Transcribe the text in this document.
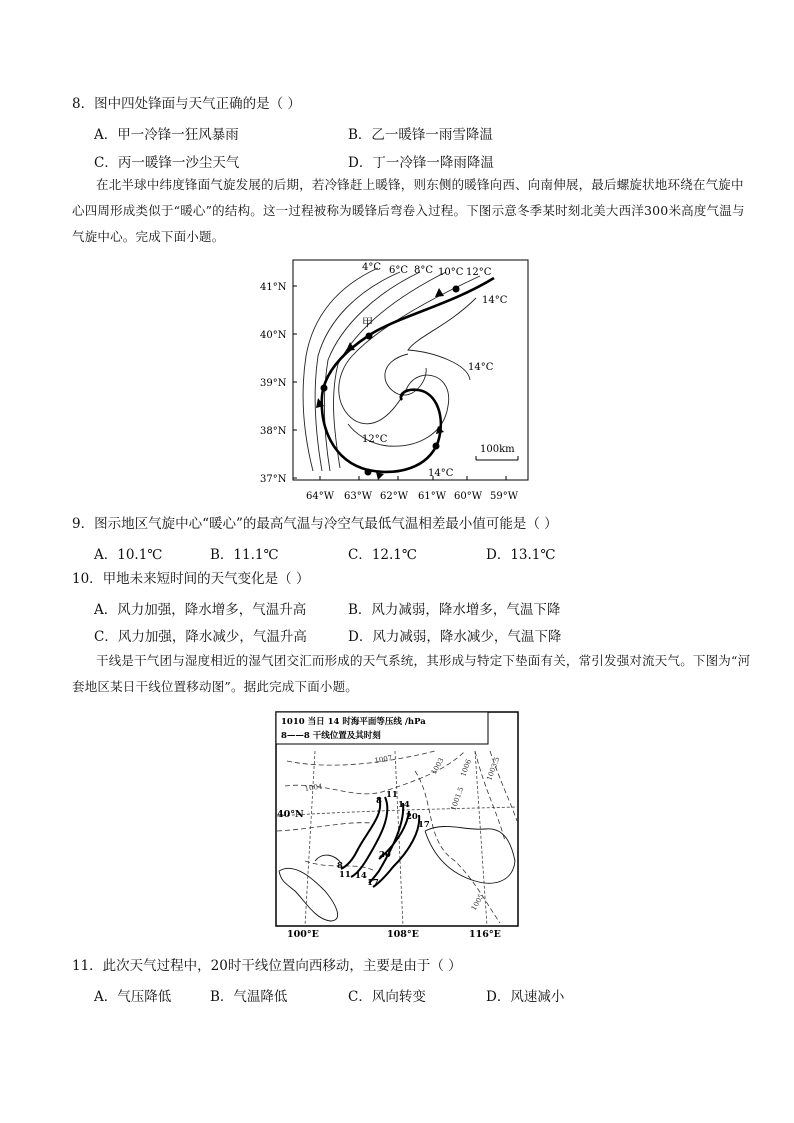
8．图中四处锋面与天气正确的是（ ）
A．甲一冷锋一狂风暴雨	B．乙一暖锋一雨雪降温
C．丙一暖锋一沙尘天气	D．丁一冷锋一降雨降温
在北半球中纬度锋面气旋发展的后期，若冷锋赶上暖锋，则东侧的暖锋向西、向南伸展，最后螺旋状地环绕在气旋中心四周形成类似于“暖心”的结构。这一过程被称为暖锋后弯卷入过程。下图示意冬季某时刻北美大西洋300米高度气温与气旋中心。完成下面小题。
41°N
40°N
39°N
38°N
37°N
64°W 63°W 62°W 61°W 60°W 59°W
4°C 6°C 8°C 10°C 12°C
14°C
14°C
12°C
14°C
甲
100km
9．图示地区气旋中心“暖心”的最高气温与冷空气最低气温相差最小值可能是（ ）
A．10.1℃	B．11.1℃	C．12.1℃	D．13.1℃
10．甲地未来短时间的天气变化是（ ）
A．风力加强，降水增多，气温升高	B．风力减弱，降水增多，气温下降
C．风力加强，降水减少，气温升高	D．风力减弱，降水减少，气温下降
干线是干气团与湿度相近的湿气团交汇而形成的天气系统，其形成与特定下垫面有关，常引发强对流天气。下图为“河套地区某日干线位置移动图”。据此完成下面小题。
1010 当日 14 时海平面等压线 /hPa
8——8 干线位置及其时刻
40°N
100°E	108°E	116°E
1004
1007	1003 1006
1001.5
1003.5
1005
8
11
14
20
17
20
8
11 14
17
11．此次天气过程中，20时干线位置向西移动，主要是由于（ ）
A．气压降低	B．气温降低	C．风向转变	D．风速减小
